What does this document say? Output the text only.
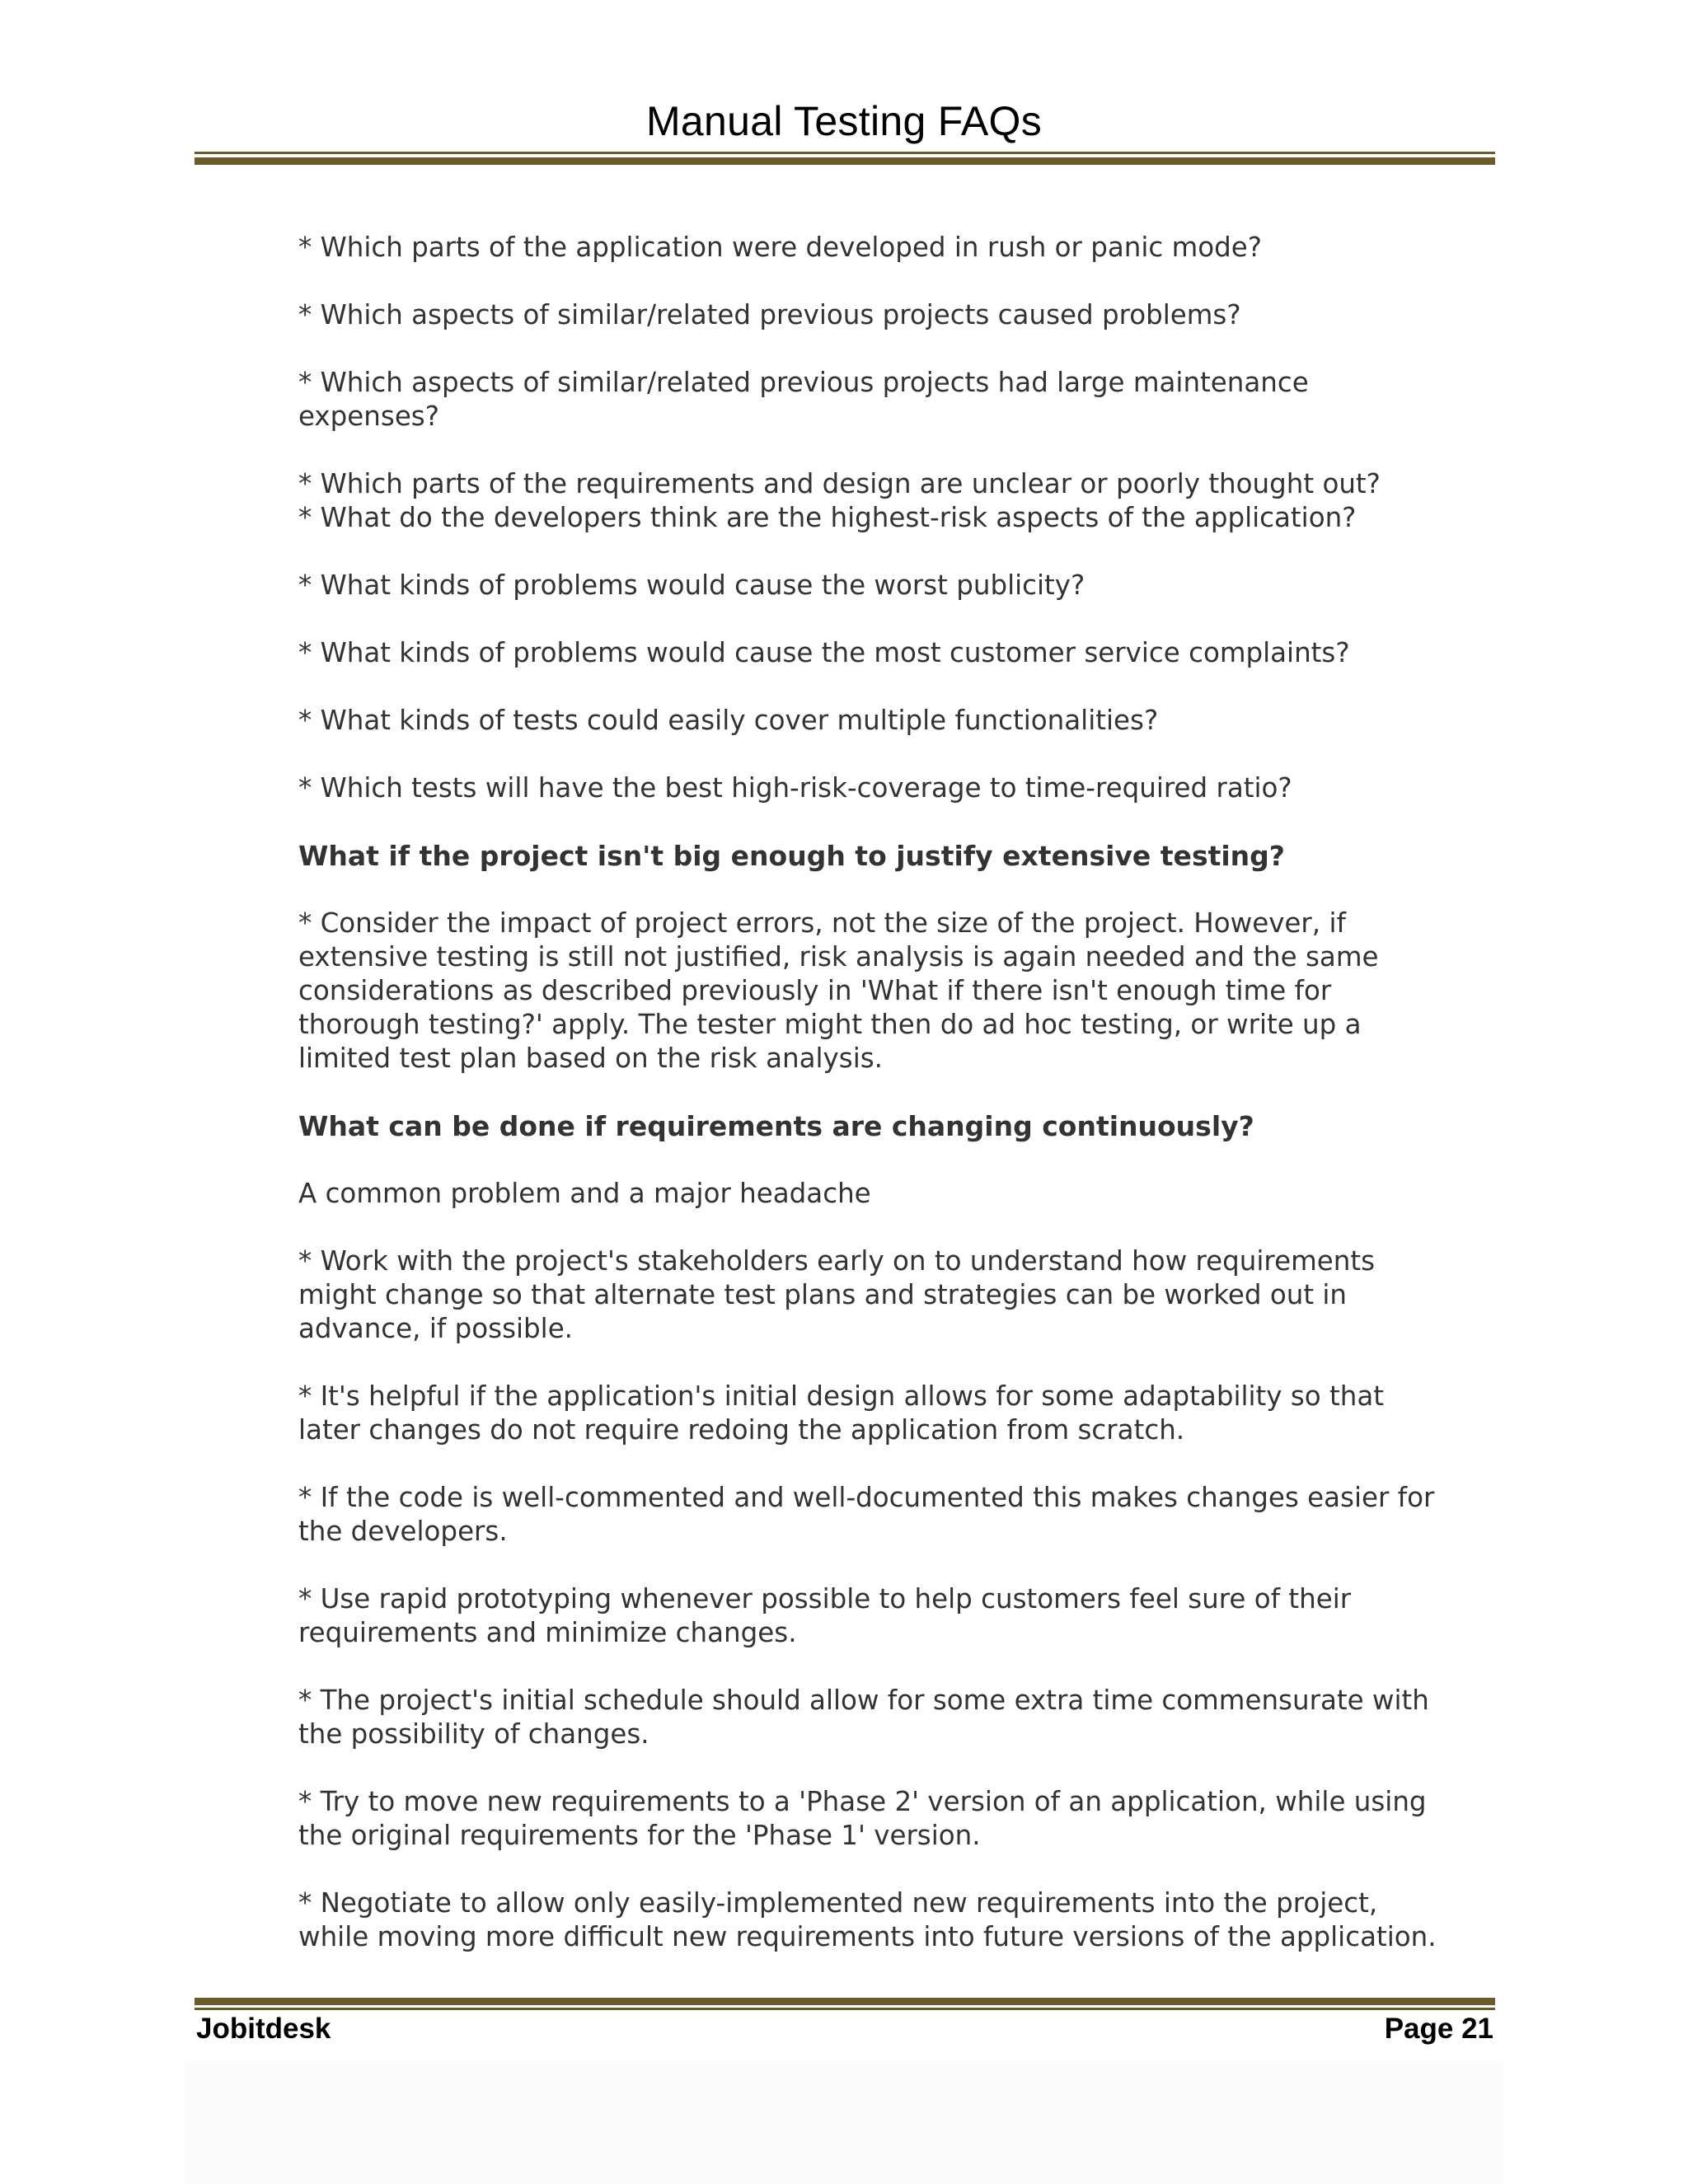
Manual Testing FAQs

* Which parts of the application were developed in rush or panic mode?

* Which aspects of similar/related previous projects caused problems?

* Which aspects of similar/related previous projects had large maintenance
expenses?

* Which parts of the requirements and design are unclear or poorly thought out?
* What do the developers think are the highest-risk aspects of the application?

* What kinds of problems would cause the worst publicity?

* What kinds of problems would cause the most customer service complaints?

* What kinds of tests could easily cover multiple functionalities?

* Which tests will have the best high-risk-coverage to time-required ratio?

What if the project isn't big enough to justify extensive testing?

* Consider the impact of project errors, not the size of the project. However, if
extensive testing is still not justified, risk analysis is again needed and the same
considerations as described previously in 'What if there isn't enough time for
thorough testing?' apply. The tester might then do ad hoc testing, or write up a
limited test plan based on the risk analysis.

What can be done if requirements are changing continuously?

A common problem and a major headache

* Work with the project's stakeholders early on to understand how requirements
might change so that alternate test plans and strategies can be worked out in
advance, if possible.

* It's helpful if the application's initial design allows for some adaptability so that
later changes do not require redoing the application from scratch.

* If the code is well-commented and well-documented this makes changes easier for
the developers.

* Use rapid prototyping whenever possible to help customers feel sure of their
requirements and minimize changes.

* The project's initial schedule should allow for some extra time commensurate with
the possibility of changes.

* Try to move new requirements to a 'Phase 2' version of an application, while using
the original requirements for the 'Phase 1' version.

* Negotiate to allow only easily-implemented new requirements into the project,
while moving more difficult new requirements into future versions of the application.

Jobitdesk	Page 21
